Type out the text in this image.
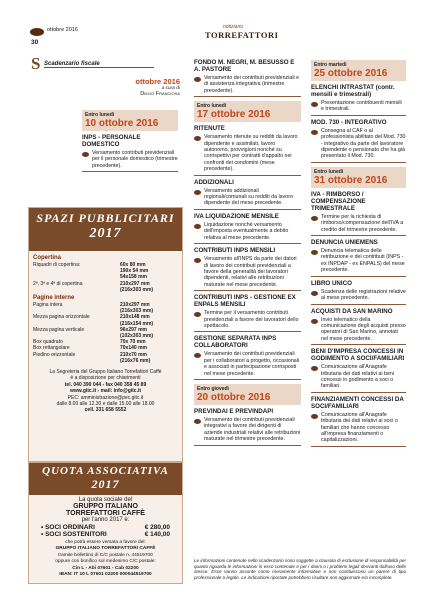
ottobre 2016
30
notiziario
TORREFATTORI
S Scadenzario fiscale
ottobre 2016
a cura di
Diego Franciosa
Entro lunedì
10 ottobre 2016
INPS - PERSONALE DOMESTICO
Versamento contributi previdenziali per il personale domestico (trimestre precedente).
SPAZI PUBBLICITARI
2017
Copertina
Riquadri di copertina:	60x 80 mm
190x 54 mm
54x158 mm
2ª, 3ª e 4ª di copertina	210x297 mm
(216x303 mm)
Pagine interne
Pagina intera	210x297 mm
(216x303 mm)
Mezza pagina orizzontale	210x148 mm
(216x154 mm)
Mezza pagina verticale	96x297 mm
(102x303 mm)
Box quadrato	70x 70 mm
Box rettangolare	70x140 mm
Piedino orizzontale	210x70 mm
(216x76 mm)
La Segreteria del Gruppo Italiano Torrefattori Caffè
è a disposizione per chiarimenti
tel. 040 390 044 - fax 040 358 45 89
www.gitc.it - mail: info@gitc.it
PEC: amministrazione@pec.gitc.it
dalle 8.00 alle 12.30 e dalle 15.00 alle 18.00
cell. 331 658 5552
QUOTA ASSOCIATIVA
2017
La quota sociale del
GRUPPO ITALIANO
TORREFATTORI CAFFÈ
per l'anno 2017 è:
• SOCI ORDINARI	€ 280,00
• SOCI SOSTENITORI	€ 140,00
che potrà essere versata a favore del:
GRUPPO ITALIANO TORREFATTORI CAFFÈ
tramite bollettino di C/C postale n. 44519700
oppure con bonifico sul medesimo C/C postale:
Cin L - Abi 07601 - Cab 02200
IBAN: IT 10 L 07601 02200 000044519700
FONDO M. NEGRI, M. BESUSSO E A. PASTORE
Versamento dei contributi previdenziali e di assistenza integrativa (trimestre precedente).
Entro lunedì
17 ottobre 2016
RITENUTE
Versamento ritenute su redditi da lavoro dipendente e assimilati, lavoro autonomo, provvigioni nonché su corrispettivi per contratti d'appalto nei confronti dei condomini (mese precedente).
ADDIZIONALI
Versamento addizionali regionali/comunali su redditi da lavoro dipendente del mese precedente.
IVA LIQUIDAZIONE MENSILE
Liquidazione nonché versamento dell'imposta eventualmente a debito relativa al mese precedente.
CONTRIBUTI INPS MENSILI
Versamento all'INPS da parte dei datori di lavoro dei contributi previdenziali a favore della generalità dei lavoratori dipendenti, relativi alle retribuzioni maturate nel mese precedente.
CONTRIBUTI INPS - GESTIONE EX ENPALS MENSILI
Termine per il versamento contributi previdenziali a favore dei lavoratori dello spettacolo.
GESTIONE SEPARATA INPS COLLABORATORI
Versamento dei contributi previdenziali per i collaboratori a progetto, occasionali e associati in partecipazione corrisposti nel mese precedente.
Entro giovedì
20 ottobre 2016
PREVINDAI E PREVINDAPI
Versamento dei contributi previdenziali integrativi a favore dei dirigenti di aziende industriali relativi alle retribuzioni maturate nel trimestre precedente.
Entro martedì
25 ottobre 2016
ELENCHI INTRASTAT (contr. mensili e trimestrali)
Presentazione contribuenti mensili e trimestrali.
MOD. 730 - INTEGRATIVO
Consegna al CAF o al professionista abilitato del Mod. 730 - integrativo da parte del lavoratore dipendente o pensionato che ha già presentato il Mod. 730.
Entro lunedì
31 ottobre 2016
IVA - RIMBORSO / COMPENSAZIONE TRIMESTRALE
Termine per la richiesta di rimborso/compensazione dell'IVA a credito del trimestre precedente.
DENUNCIA UNIEMENS
Denuncia telematica delle retribuzione e dei contributi (INPS - ex INPDAP - ex ENPALS) del mese precedente.
LIBRO UNICO
Scadenza delle registrazioni relative al mese precedente.
ACQUISTI DA SAN MARINO
Invio telematico della comunicazione degli acquisti presso operatori di San Marino, annotati nel mese precedente.
BENI D'IMPRESA CONCESSI IN GODIMENTO A SOCI/FAMILIARI
Comunicazione all'Anagrafe tributaria dei dati relativi ai beni concessi in godimento a soci o familiari.
FINANZIAMENTI CONCESSI DA SOCI/FAMILIARI
Comunicazione all'Anagrafe tributaria dei dati relativi ai soci o familiari che hanno concesso all'impresa finanziamenti o capitalizzazioni.
Le informazioni contenute nello scadenzario sono soggette a clausola di esclusione di responsabilità per quanto riguarda le informazioni in esso contenute e per i danni o i problemi legali derivanti dall'uso delle stesse. Esse vanno assunte come meramente informative e non costituiscono un parere di tipo professionale o legale. Le indicazioni riportate potrebbero risultare non aggiornate e/o incomplete.
